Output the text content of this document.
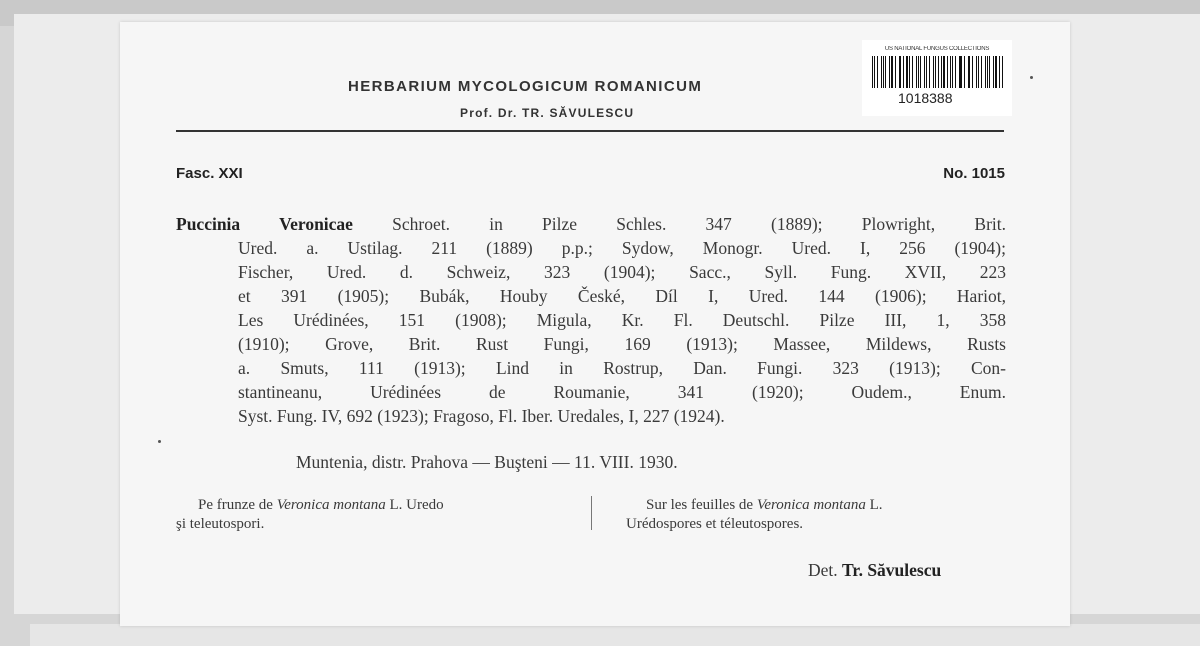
US NATIONAL FUNGUS COLLECTIONS
1018388
HERBARIUM MYCOLOGICUM ROMANICUM
Prof. Dr. TR. SĂVULESCU
Fasc. XXI	No. 1015
Puccinia Veronicae Schroet. in Pilze Schles. 347 (1889); Plowright, Brit.
Ured. a. Ustilag. 211 (1889) p.p.; Sydow, Monogr. Ured. I, 256 (1904);
Fischer, Ured. d. Schweiz, 323 (1904); Sacc., Syll. Fung. XVII, 223
et 391 (1905); Bubák, Houby České, Díl I, Ured. 144 (1906); Hariot,
Les Urédinées, 151 (1908); Migula, Kr. Fl. Deutschl. Pilze III, 1, 358
(1910); Grove, Brit. Rust Fungi, 169 (1913); Massee, Mildews, Rusts
a. Smuts, 111 (1913); Lind in Rostrup, Dan. Fungi. 323 (1913); Con-
stantineanu, Urédinées de Roumanie, 341 (1920); Oudem., Enum.
Syst. Fung. IV, 692 (1923); Fragoso, Fl. Iber. Uredales, I, 227 (1924).
Muntenia, distr. Prahova — Buşteni — 11. VIII. 1930.
Pe frunze de Veronica montana L. Uredo
şi teleutospori.
Sur les feuilles de Veronica montana L.
Urédospores et téleutospores.
Det. Tr. Săvulescu
